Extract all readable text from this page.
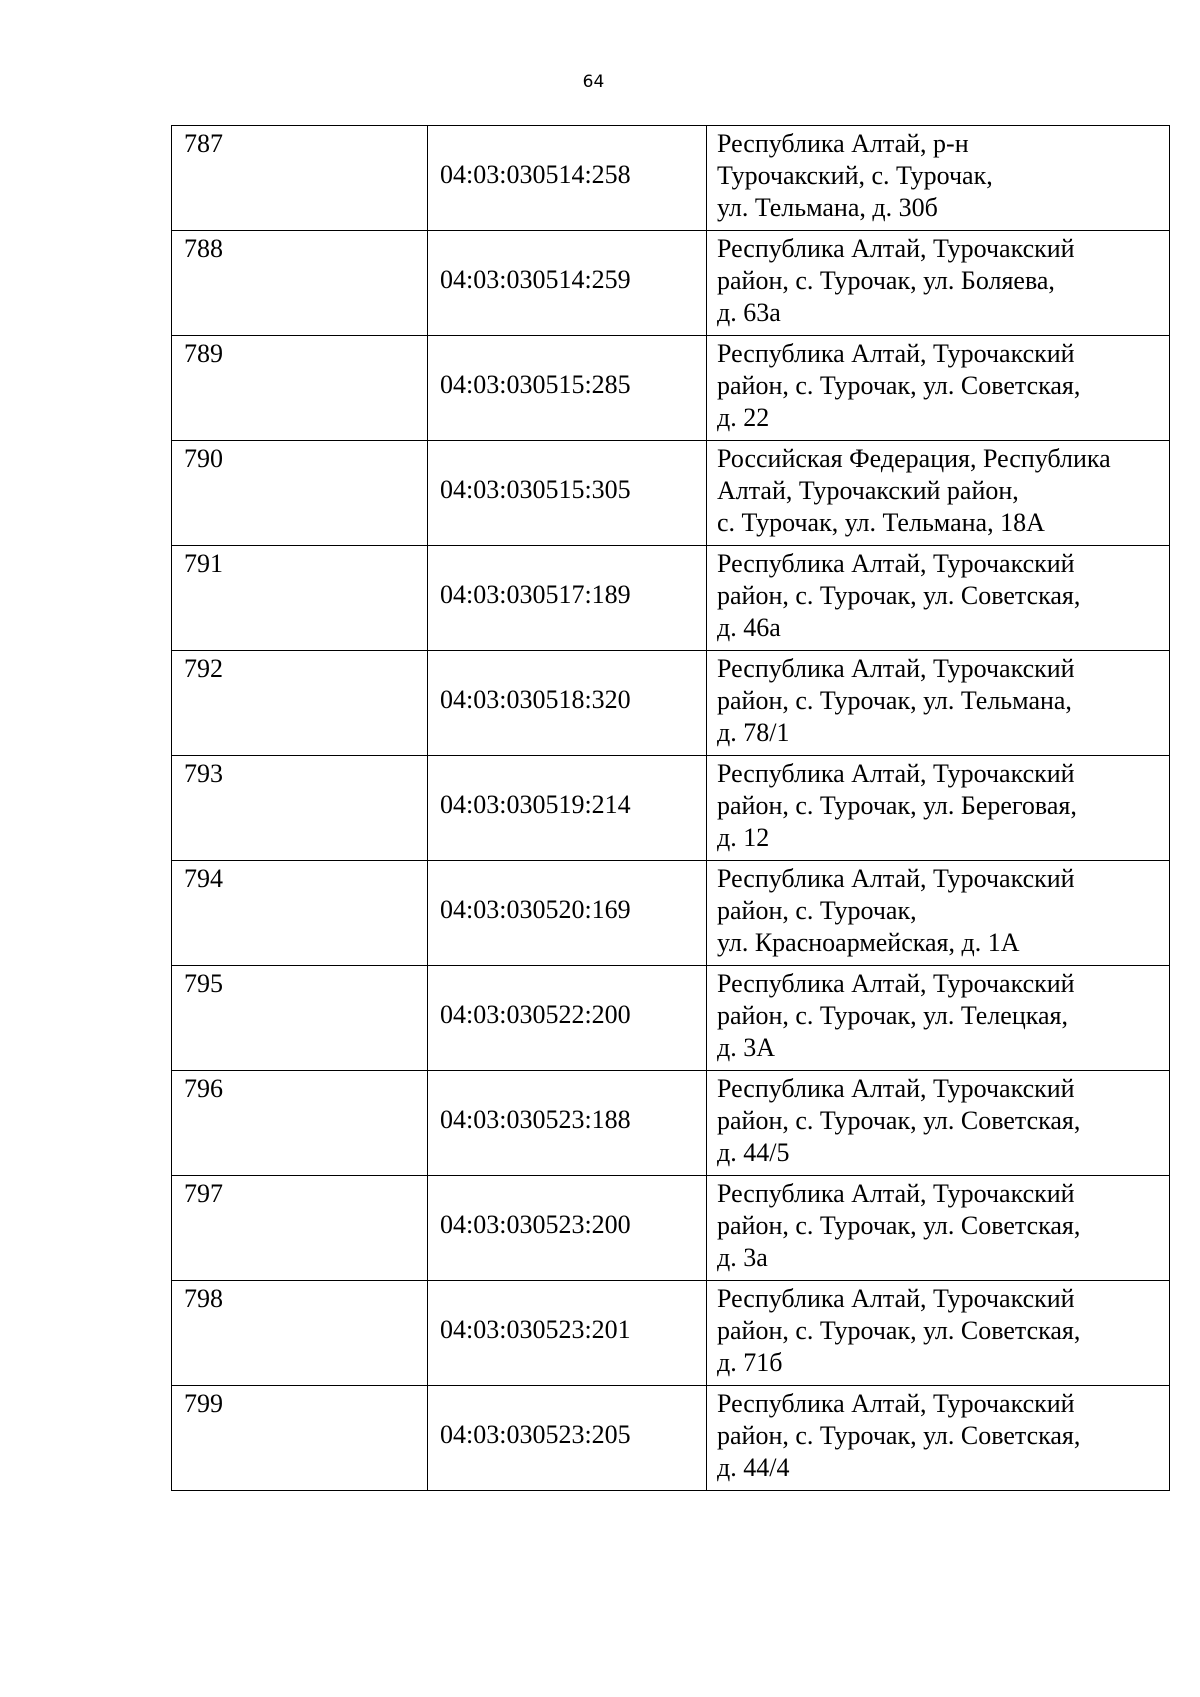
64
787	04:03:030514:258	Республика Алтай, р-н
Турочакский, с. Турочак,
ул. Тельмана, д. 30б

788	04:03:030514:259	Республика Алтай, Турочакский
район, с. Турочак, ул. Боляева,
д. 63а

789	04:03:030515:285	Республика Алтай, Турочакский
район, с. Турочак, ул. Советская,
д. 22

790	04:03:030515:305	Российская Федерация, Республика
Алтай, Турочакский район,
с. Турочак, ул. Тельмана, 18А

791	04:03:030517:189	Республика Алтай, Турочакский
район, с. Турочак, ул. Советская,
д. 46а

792	04:03:030518:320	Республика Алтай, Турочакский
район, с. Турочак, ул. Тельмана,
д. 78/1

793	04:03:030519:214	Республика Алтай, Турочакский
район, с. Турочак, ул. Береговая,
д. 12

794	04:03:030520:169	Республика Алтай, Турочакский
район, с. Турочак,
ул. Красноармейская, д. 1А

795	04:03:030522:200	Республика Алтай, Турочакский
район, с. Турочак, ул. Телецкая,
д. 3А

796	04:03:030523:188	Республика Алтай, Турочакский
район, с. Турочак, ул. Советская,
д. 44/5

797	04:03:030523:200	Республика Алтай, Турочакский
район, с. Турочак, ул. Советская,
д. 3а

798	04:03:030523:201	Республика Алтай, Турочакский
район, с. Турочак, ул. Советская,
д. 71б

799	04:03:030523:205	Республика Алтай, Турочакский
район, с. Турочак, ул. Советская,
д. 44/4
